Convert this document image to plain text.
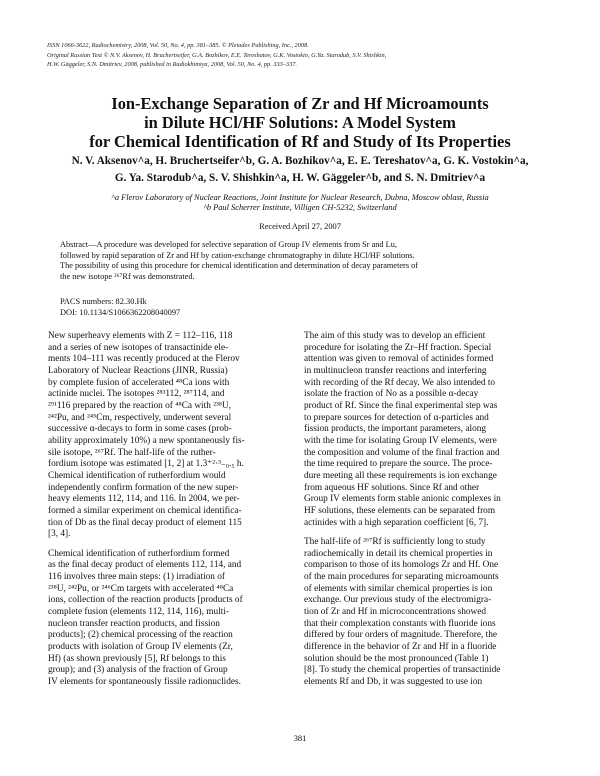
ISSN 1066-3622, Radiochemistry, 2008, Vol. 50, No. 4, pp. 381–385. © Pleiades Publishing, Inc., 2008.
Original Russian Text © N.V. Aksenov, H. Bruchertseifer, G.A. Bozhikov, E.E. Tereshatov, G.K. Vostokin, G.Ya. Starodub, S.V. Shishkin,
H.W. Gäggeler, S.N. Dmitriev, 2008, published in Radiokhimiya, 2008, Vol. 50, No. 4, pp. 333–337.
Ion-Exchange Separation of Zr and Hf Microamounts
in Dilute HCl/HF Solutions: A Model System
for Chemical Identification of Rf and Study of Its Properties
N. V. Aksenov^a, H. Bruchertseifer^b, G. A. Bozhikov^a, E. E. Tereshatov^a, G. K. Vostokin^a,
G. Ya. Starodub^a, S. V. Shishkin^a, H. W. Gäggeler^b, and S. N. Dmitriev^a
^a Flerov Laboratory of Nuclear Reactions, Joint Institute for Nuclear Research, Dubna, Moscow oblast, Russia
^b Paul Scherrer Institute, Villigen CH-5232, Switzerland
Received April 27, 2007
Abstract—A procedure was developed for selective separation of Group IV elements from Sr and Lu,
followed by rapid separation of Zr and Hf by cation-exchange chromatography in dilute HCl/HF solutions.
The possibility of using this procedure for chemical identification and determination of decay parameters of
the new isotope ²⁶⁷Rf was demonstrated.
PACS numbers: 82.30.Hk
DOI: 10.1134/S1066362208040097
New superheavy elements with Z = 112–116, 118
and a series of new isotopes of transactinide ele-
ments 104–111 was recently produced at the Flerov
Laboratory of Nuclear Reactions (JINR, Russia)
by complete fusion of accelerated ⁴⁸Ca ions with
actinide nuclei. The isotopes ²⁸³112, ²⁸⁷114, and
²⁹¹116 prepared by the reaction of ⁴⁸Ca with ²³⁸U,
²⁴²Pu, and ²⁴⁵Cm, respectively, underwent several
successive α-decays to form in some cases (prob-
ability approximately 10%) a new spontaneously fis-
sile isotope, ²⁶⁷Rf. The half-life of the ruther-
fordium isotope was estimated [1, 2] at 1.3⁺²·³₋₀.₅ h.
Chemical identification of rutherfordium would
independently confirm formation of the new super-
heavy elements 112, 114, and 116. In 2004, we per-
formed a similar experiment on chemical identifica-
tion of Db as the final decay product of element 115
[3, 4].
Chemical identification of rutherfordium formed
as the final decay product of elements 112, 114, and
116 involves three main steps: (1) irradiation of
²³⁸U, ²⁴²Pu, or ²⁴⁶Cm targets with accelerated ⁴⁸Ca
ions, collection of the reaction products [products of
complete fusion (elements 112, 114, 116), multi-
nucleon transfer reaction products, and fission
products]; (2) chemical processing of the reaction
products with isolation of Group IV elements (Zr,
Hf) (as shown previously [5], Rf belongs to this
group); and (3) analysis of the fraction of Group
IV elements for spontaneously fissile radionuclides.
The aim of this study was to develop an efficient
procedure for isolating the Zr–Hf fraction. Special
attention was given to removal of actinides formed
in multinucleon transfer reactions and interfering
with recording of the Rf decay. We also intended to
isolate the fraction of No as a possible α-decay
product of Rf. Since the final experimental step was
to prepare sources for detection of α-particles and
fission products, the important parameters, along
with the time for isolating Group IV elements, were
the composition and volume of the final fraction and
the time required to prepare the source. The proce-
dure meeting all these requirements is ion exchange
from aqueous HF solutions. Since Rf and other
Group IV elements form stable anionic complexes in
HF solutions, these elements can be separated from
actinides with a high separation coefficient [6, 7].
The half-life of ²⁶⁷Rf is sufficiently long to study
radiochemically in detail its chemical properties in
comparison to those of its homologs Zr and Hf. One
of the main procedures for separating microamounts
of elements with similar chemical properties is ion
exchange. Our previous study of the electromigra-
tion of Zr and Hf in microconcentrations showed
that their complexation constants with fluoride ions
differed by four orders of magnitude. Therefore, the
difference in the behavior of Zr and Hf in a fluoride
solution should be the most pronounced (Table 1)
[8]. To study the chemical properties of transactinide
elements Rf and Db, it was suggested to use ion
381
